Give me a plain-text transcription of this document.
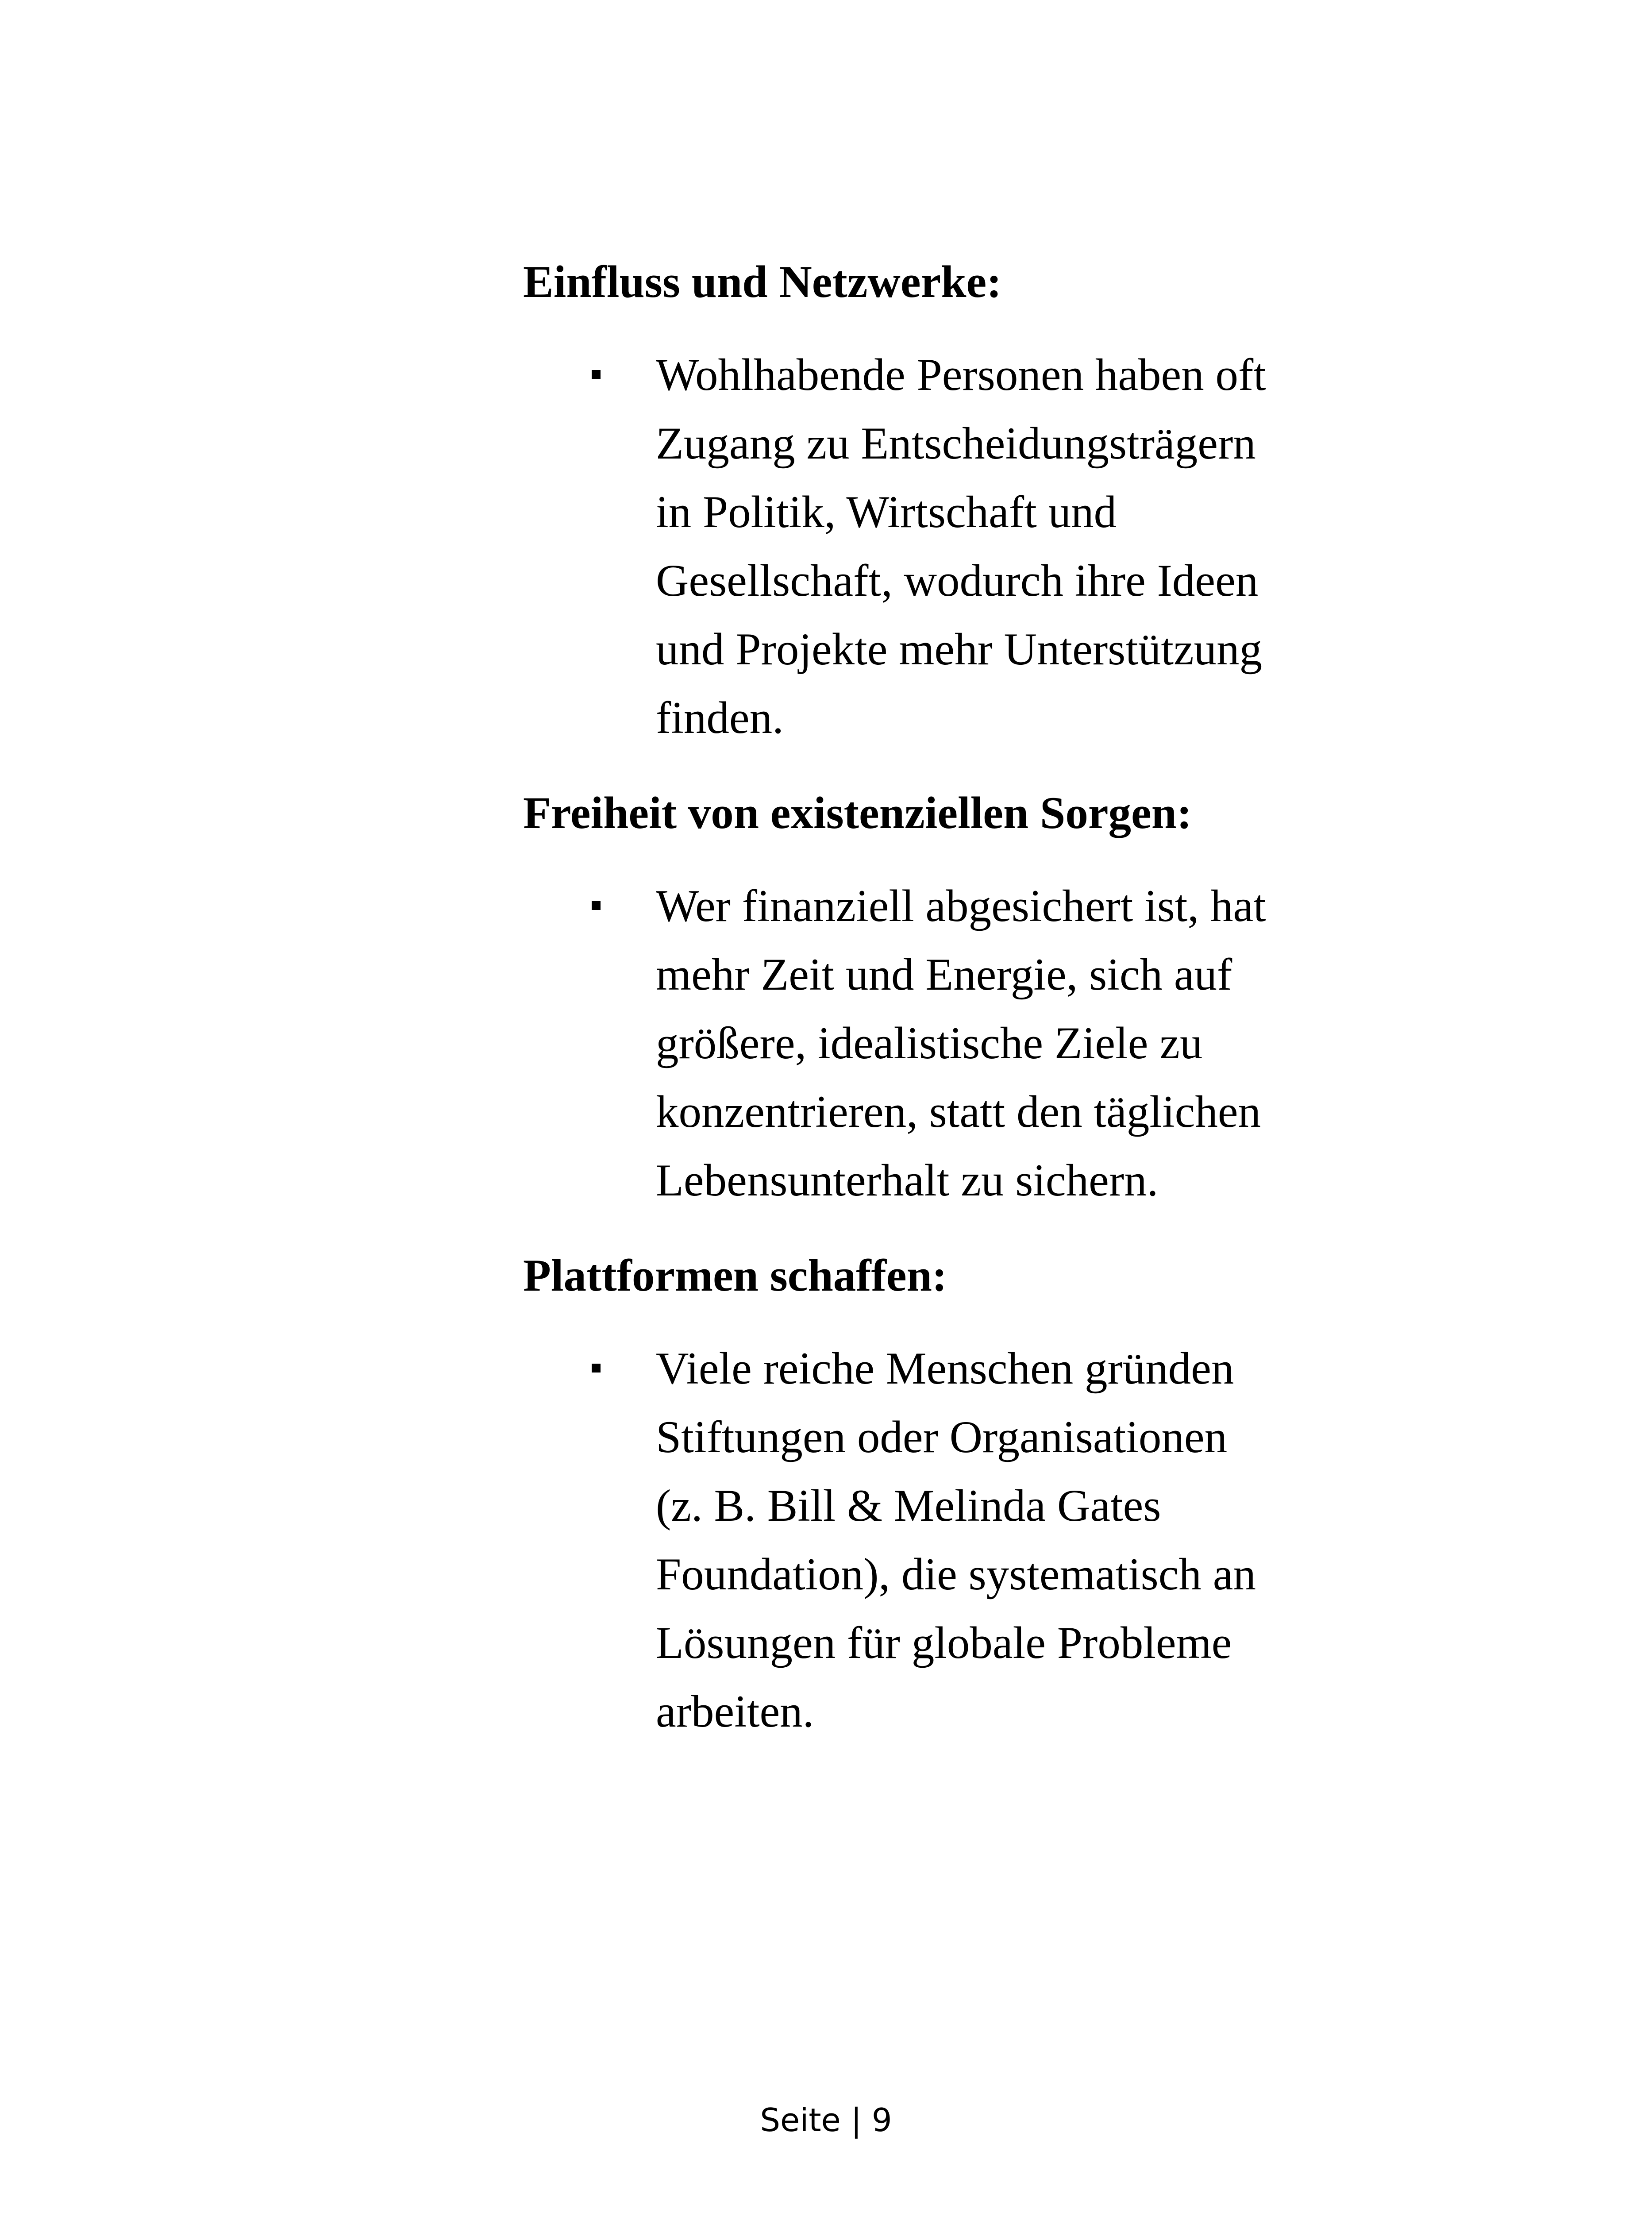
Einfluss und Netzwerke:
Wohlhabende Personen haben oft
Zugang zu Entscheidungsträgern
in Politik, Wirtschaft und
Gesellschaft, wodurch ihre Ideen
und Projekte mehr Unterstützung
finden.
Freiheit von existenziellen Sorgen:
Wer finanziell abgesichert ist, hat
mehr Zeit und Energie, sich auf
größere, idealistische Ziele zu
konzentrieren, statt den täglichen
Lebensunterhalt zu sichern.
Plattformen schaffen:
Viele reiche Menschen gründen
Stiftungen oder Organisationen
(z. B. Bill & Melinda Gates
Foundation), die systematisch an
Lösungen für globale Probleme
arbeiten.
Seite | 9
